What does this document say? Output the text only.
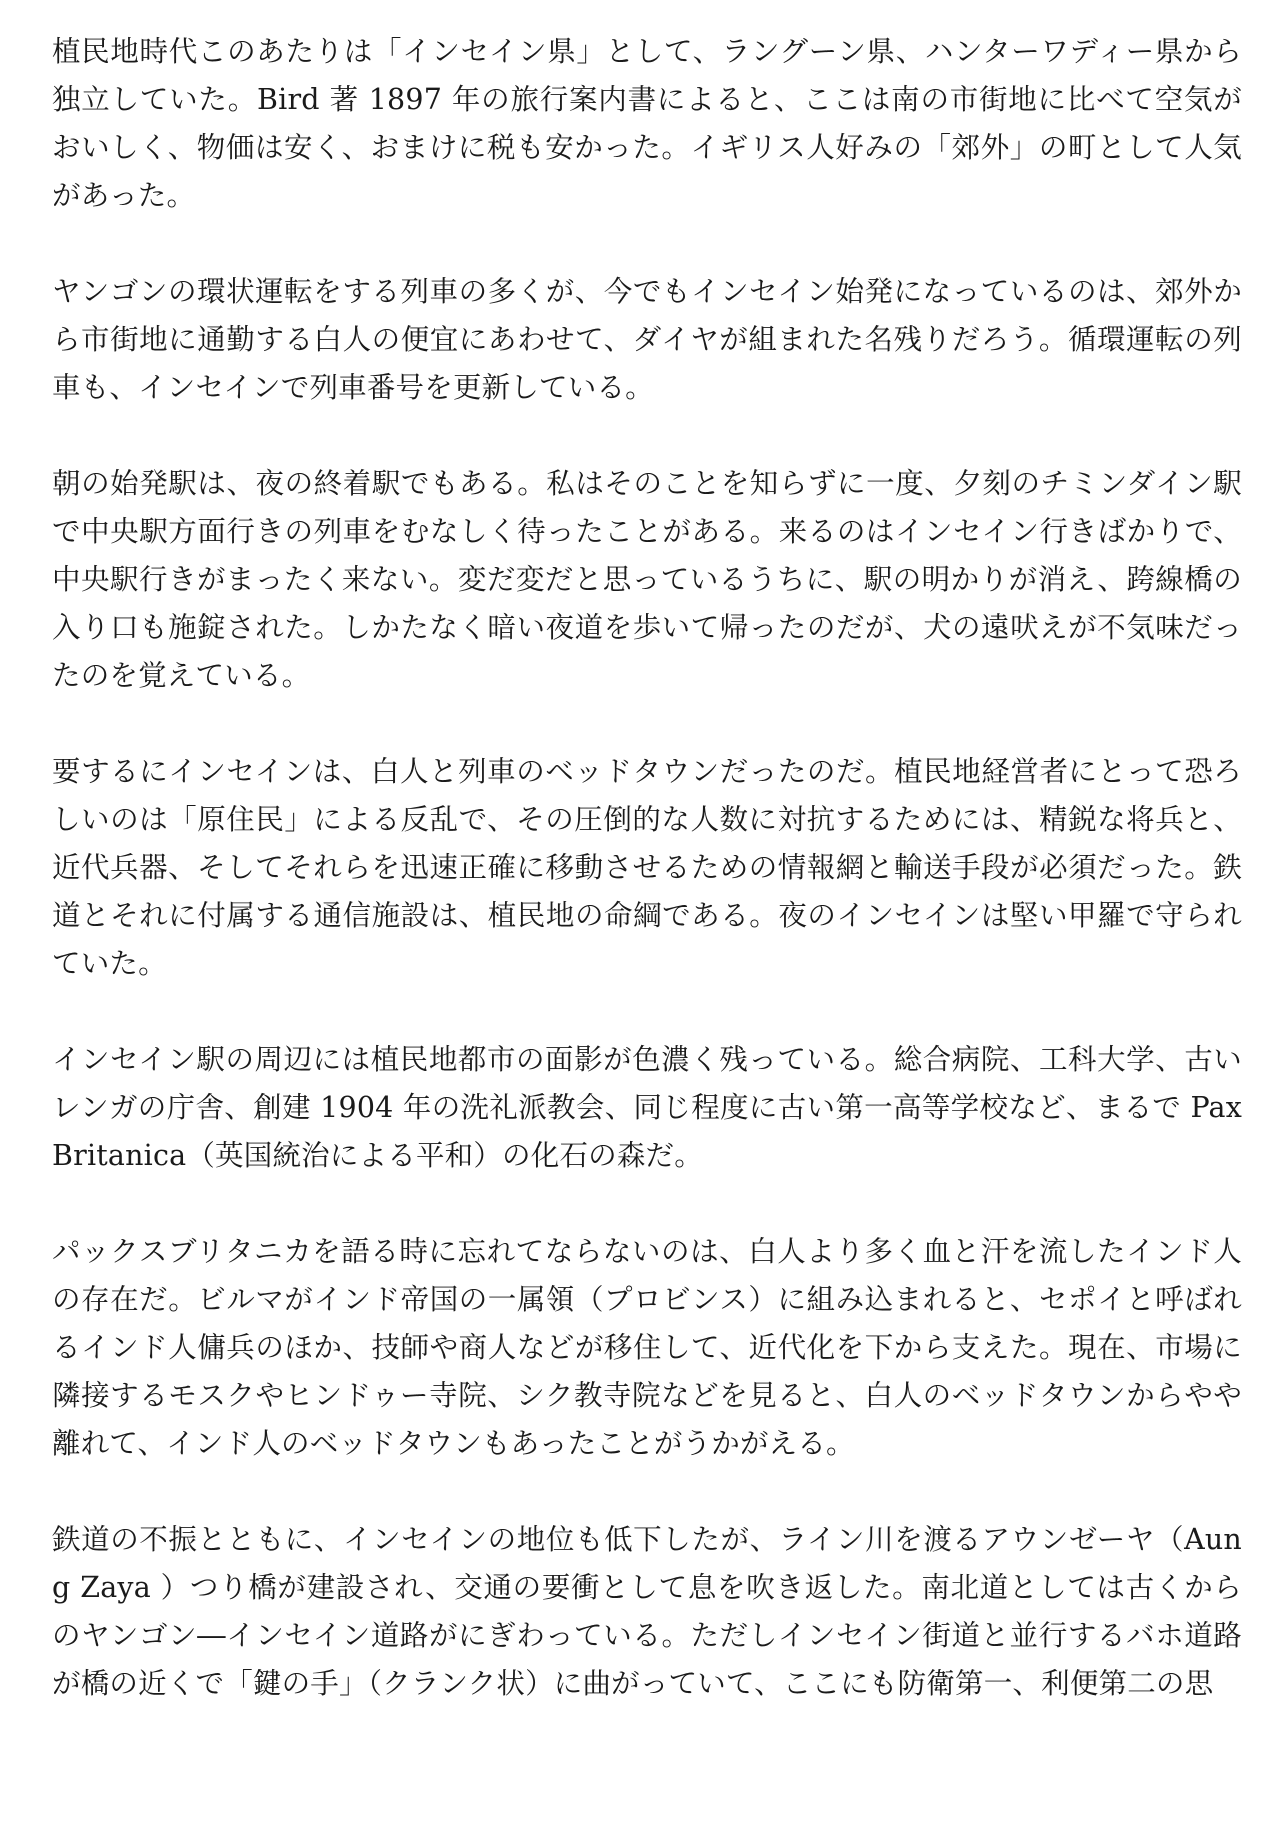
植民地時代このあたりは「インセイン県」として、ラングーン県、ハンターワディー県から独立していた。Bird 著 1897 年の旅行案内書によると、ここは南の市街地に比べて空気がおいしく、物価は安く、おまけに税も安かった。イギリス人好みの「郊外」の町として人気があった。

ヤンゴンの環状運転をする列車の多くが、今でもインセイン始発になっているのは、郊外から市街地に通勤する白人の便宜にあわせて、ダイヤが組まれた名残りだろう。循環運転の列車も、インセインで列車番号を更新している。

朝の始発駅は、夜の終着駅でもある。私はそのことを知らずに一度、夕刻のチミンダイン駅で中央駅方面行きの列車をむなしく待ったことがある。来るのはインセイン行きばかりで、中央駅行きがまったく来ない。変だ変だと思っているうちに、駅の明かりが消え、跨線橋の入り口も施錠された。しかたなく暗い夜道を歩いて帰ったのだが、犬の遠吠えが不気味だったのを覚えている。

要するにインセインは、白人と列車のベッドタウンだったのだ。植民地経営者にとって恐ろしいのは「原住民」による反乱で、その圧倒的な人数に対抗するためには、精鋭な将兵と、近代兵器、そしてそれらを迅速正確に移動させるための情報網と輸送手段が必須だった。鉄道とそれに付属する通信施設は、植民地の命綱である。夜のインセインは堅い甲羅で守られていた。

インセイン駅の周辺には植民地都市の面影が色濃く残っている。総合病院、工科大学、古いレンガの庁舎、創建 1904 年の洗礼派教会、同じ程度に古い第一高等学校など、まるで Pax Britanica（英国統治による平和）の化石の森だ。

パックスブリタニカを語る時に忘れてならないのは、白人より多く血と汗を流したインド人の存在だ。ビルマがインド帝国の一属領（プロビンス）に組み込まれると、セポイと呼ばれるインド人傭兵のほか、技師や商人などが移住して、近代化を下から支えた。現在、市場に隣接するモスクやヒンドゥー寺院、シク教寺院などを見ると、白人のベッドタウンからやや離れて、インド人のベッドタウンもあったことがうかがえる。

鉄道の不振とともに、インセインの地位も低下したが、ライン川を渡るアウンゼーヤ（Aung Zaya ）つり橋が建設され、交通の要衝として息を吹き返した。南北道としては古くからのヤンゴン―インセイン道路がにぎわっている。ただしインセイン街道と並行するバホ道路が橋の近くで「鍵の手」（クランク状）に曲がっていて、ここにも防衛第一、利便第二の思
